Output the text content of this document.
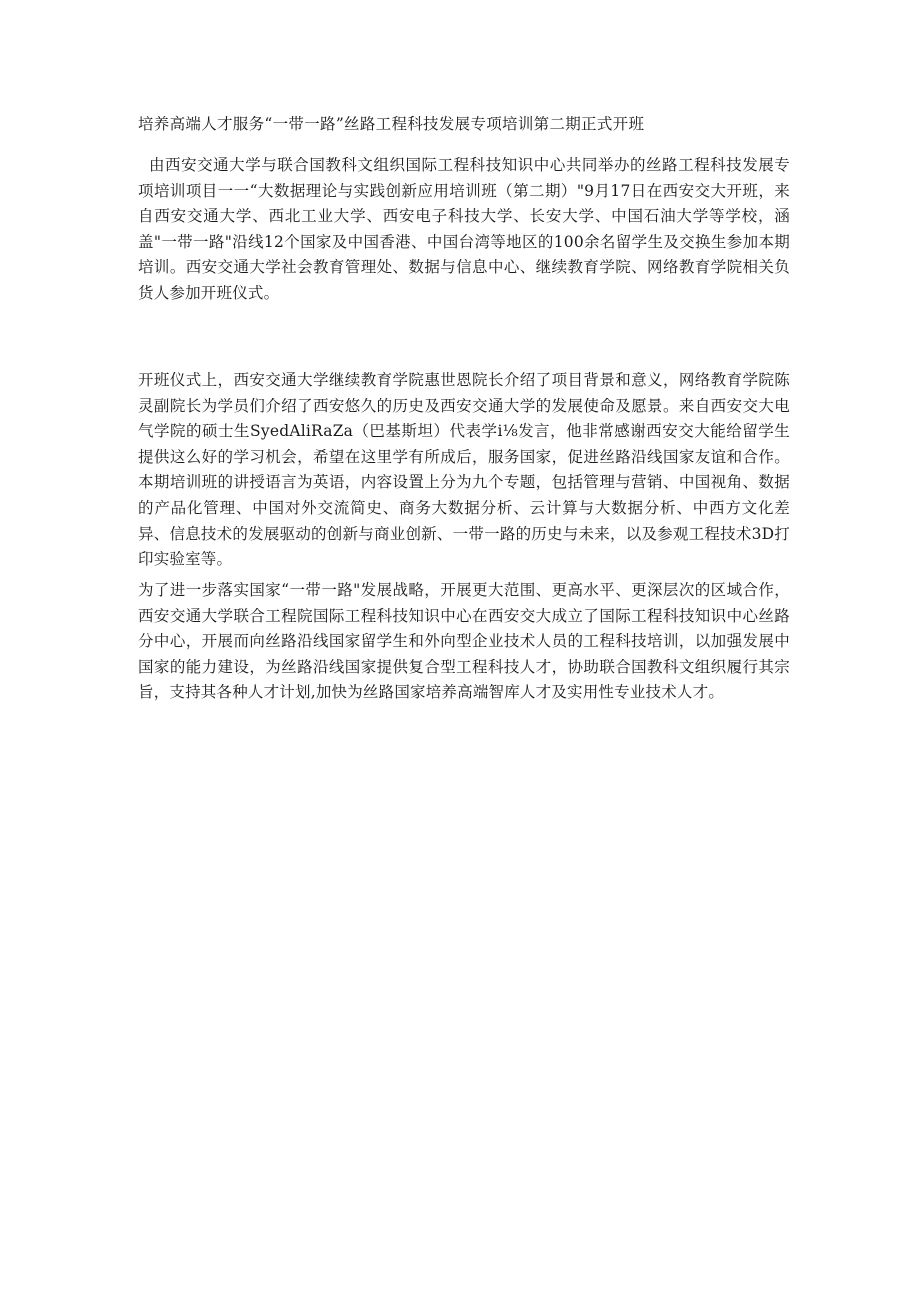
培养高端人才服务“一带一路”丝路工程科技发展专项培训第二期正式开班

由西安交通大学与联合国教科文组织国际工程科技知识中心共同举办的丝路工程科技发展专项培训项目一一“大数据理论与实践创新应用培训班（第二期）"9月17日在西安交大开班，来自西安交通大学、西北工业大学、西安电子科技大学、长安大学、中国石油大学等学校，涵盖"一带一路"沿线12个国家及中国香港、中国台湾等地区的100余名留学生及交换生参加本期培训。西安交通大学社会教育管理处、数据与信息中心、继续教育学院、网络教育学院相关负货人参加开班仪式。

开班仪式上，西安交通大学继续教育学院惠世恩院长介绍了项目背景和意义，网络教育学院陈灵副院长为学员们介绍了西安悠久的历史及西安交通大学的发展使命及愿景。来自西安交大电气学院的硕士生SyedAliRaZa（巴基斯坦）代表学i⅛发言，他非常感谢西安交大能给留学生提供这么好的学习机会，希望在这里学有所成后，服务国家，促进丝路沿线国家友谊和合作。本期培训班的讲授语言为英语，内容设置上分为九个专题，包括管理与营销、中国视角、数据的产品化管理、中国对外交流简史、商务大数据分析、云计算与大数据分析、中西方文化差异、信息技术的发展驱动的创新与商业创新、一带一路的历史与未来，以及参观工程技术3D打印实验室等。

为了进一步落实国家“一带一路"发展战略，开展更大范围、更高水平、更深层次的区域合作，西安交通大学联合工程院国际工程科技知识中心在西安交大成立了国际工程科技知识中心丝路分中心，开展而向丝路沿线国家留学生和外向型企业技术人员的工程科技培训，以加强发展中国家的能力建设，为丝路沿线国家提供复合型工程科技人才，协助联合国教科文组织履行其宗旨，支持其各种人才计划,加快为丝路国家培养高端智库人才及实用性专业技术人才。
